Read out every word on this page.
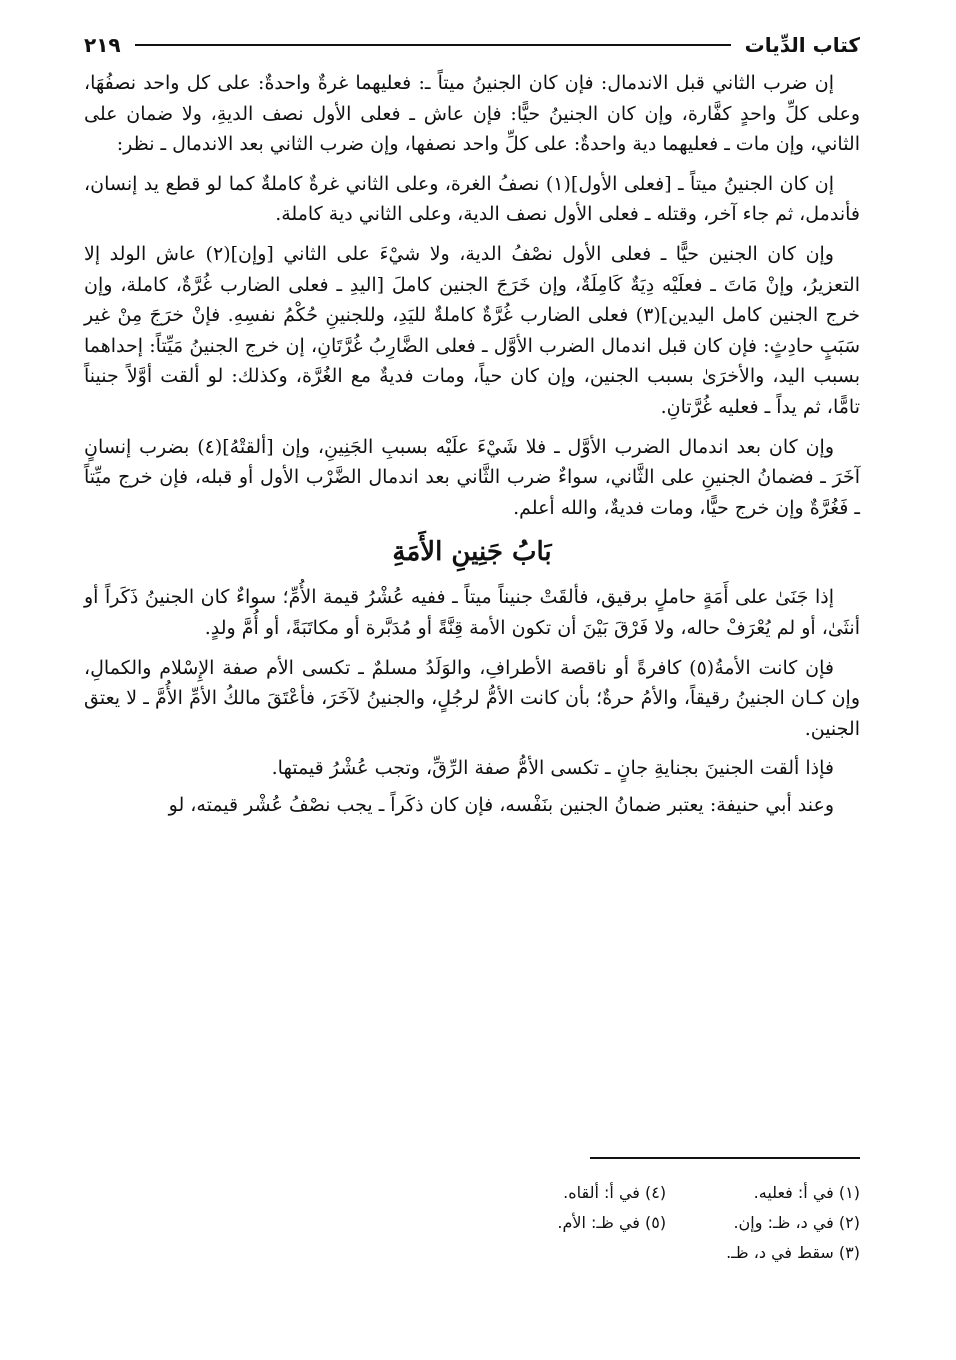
كتاب الدِّيات
٢١٩

إن ضرب الثاني قبل الاندمال: فإن كان الجنينُ ميتاً ـ: فعليهما غرةٌ واحدةٌ: على كل واحد نصفُهَا، وعلى كلِّ واحدٍ كفَّارة، وإن كان الجنينُ حيًّا: فإن عاش ـ فعلى الأول نصف الديةِ، ولا ضمان على الثاني، وإن مات ـ فعليهما دية واحدةٌ: على كلِّ واحد نصفها، وإن ضرب الثاني بعد الاندمال ـ نظر:

إن كان الجنينُ ميتاً ـ [فعلى الأول](١) نصفُ الغرة، وعلى الثاني غرةٌ كاملةٌ كما لو قطع يد إنسان، فأندمل، ثم جاء آخر، وقتله ـ فعلى الأول نصف الدية، وعلى الثاني دية كاملة.

وإن كان الجنين حيًّا ـ فعلى الأول نصْفُ الدية، ولا شيْءَ على الثاني [وإن](٢) عاش الولد إلا التعزيرُ، وإنْ مَاتَ ـ فعلَيْه دِيَةٌ كَامِلَةٌ، وإن خَرَجَ الجنين كاملَ [اليدِ ـ فعلى الضارب غُرَّةٌ، كاملة، وإن خرج الجنين كامل اليدين](٣) فعلى الضارب غُرَّةٌ كاملةٌ لليَدِ، وللجنينِ حُكْمُ نفسِهِ. فإنْ خرَجَ مِنْ غير سَبَبٍ حادِثٍ: فإن كان قبل اندمال الضرب الأوَّل ـ فعلى الضَّارِبُ غُرَّتَانِ، إن خرج الجنينُ مَيِّتاً: إحداهما بسبب اليد، والأخرَىٰ بسبب الجنين، وإن كان حياً، ومات فديةٌ مع الغُرَّة، وكذلك: لو ألقت أوَّلاً جنيناً تامًّا، ثم يداً ـ فعليه غُرَّتانِ.

وإن كان بعد اندمال الضرب الأوَّل ـ فلا شَيْءَ علَيْه بسببِ الجَنِينِ، وإن [ألقتْهُ](٤) بضرب إنسانٍ آخَرَ ـ فضمانُ الجنينِ على الثَّاني، سواءٌ ضرب الثَّاني بعد اندمال الضَّرْب الأول أو قبله، فإن خرج ميِّتاً ـ فَغُرَّةٌ وإن خرج حيًّا، ومات فديةٌ، والله أعلم.

بَابُ جَنِينِ الأَمَةِ

إذا جَنَىٰ على أَمَةٍ حاملٍ برقيق، فألقَتْ جنيناً ميتاً ـ ففيه عُشْرُ قيمة الأُمِّ؛ سواءٌ كان الجنينُ ذَكَراً أو أنثَىٰ، أو لم يُعْرَفْ حاله، ولا فَرْقَ بَيْنَ أن تكون الأمة قِنَّةً أو مُدَبَّرة أو مكاتَبَةً، أو أُمَّ ولدٍ.

فإن كانت الأمةُ(٥) كافرةً أو ناقصة الأطرافِ، والوَلَدُ مسلمٌ ـ تكسى الأم صفة الإِسْلام والكمالِ، وإن كـان الجنينُ رقيقاً، والأمُ حرةٌ؛ بأن كانت الأمُّ لرجُلٍ، والجنينُ لآخَرَ، فأعْتَقَ مالكُ الأمِّ الأُمَّ ـ لا يعتق الجنين.

فإذا ألقت الجنينَ بجنايةِ جانٍ ـ تكسى الأمُّ صفة الرِّقِّ، وتجب عُشْرُ قيمتها.

وعند أبي حنيفة: يعتبر ضمانُ الجنين بنَفْسه، فإن كان ذكَراً ـ يجب نصْفُ عُشْر قيمته، لو

(١) في أ: فعليه.
(٢) في د، ظـ: وإن.
(٣) سقط في د، ظـ.
(٤) في أ: ألقاه.
(٥) في ظـ: الأم.
